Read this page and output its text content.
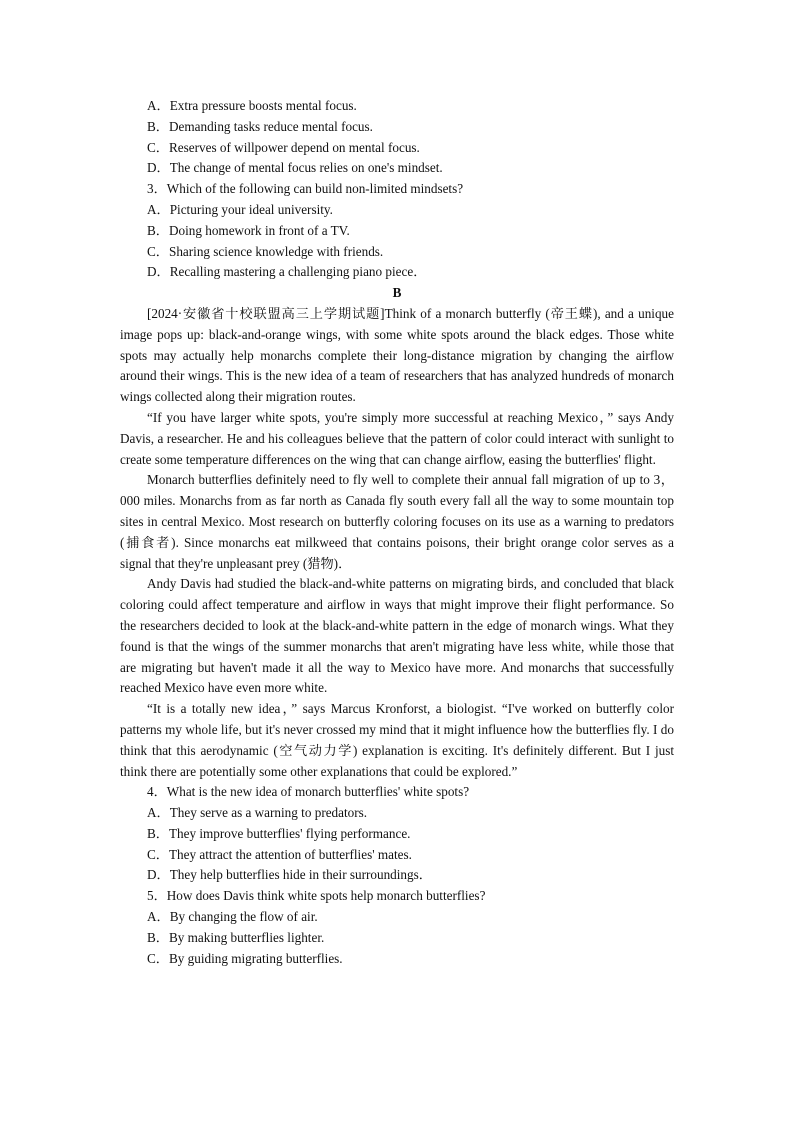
A．Extra pressure boosts mental focus.
B．Demanding tasks reduce mental focus.
C．Reserves of willpower depend on mental focus.
D．The change of mental focus relies on one's mindset.
3．Which of the following can build non-limited mindsets?
A．Picturing your ideal university.
B．Doing homework in front of a TV.
C．Sharing science knowledge with friends.
D．Recalling mastering a challenging piano piece．
B

[2024·安徽省十校联盟高三上学期试题]Think of a monarch butterfly (帝王蝶), and a unique image pops up: black-and-orange wings, with some white spots around the black edges. Those white spots may actually help monarchs complete their long-distance migration by changing the airflow around their wings. This is the new idea of a team of researchers that has analyzed hundreds of monarch wings collected along their migration routes.

“If you have larger white spots, you're simply more successful at reaching Mexico，” says Andy Davis, a researcher. He and his colleagues believe that the pattern of color could interact with sunlight to create some temperature differences on the wing that can change airflow, easing the butterflies' flight.

Monarch butterflies definitely need to fly well to complete their annual fall migration of up to 3，000 miles. Monarchs from as far north as Canada fly south every fall all the way to some mountain top sites in central Mexico. Most research on butterfly coloring focuses on its use as a warning to predators (捕食者). Since monarchs eat milkweed that contains poisons, their bright orange color serves as a signal that they're unpleasant prey (猎物)．

Andy Davis had studied the black-and-white patterns on migrating birds, and concluded that black coloring could affect temperature and airflow in ways that might improve their flight performance. So the researchers decided to look at the black-and-white pattern in the edge of monarch wings. What they found is that the wings of the summer monarchs that aren't migrating have less white, while those that are migrating but haven't made it all the way to Mexico have more. And monarchs that successfully reached Mexico have even more white.

“It is a totally new idea，” says Marcus Kronforst, a biologist. “I've worked on butterfly color patterns my whole life, but it's never crossed my mind that it might influence how the butterflies fly. I do think that this aerodynamic (空气动力学) explanation is exciting. It's definitely different. But I just think there are potentially some other explanations that could be explored.”

4．What is the new idea of monarch butterflies' white spots?
A．They serve as a warning to predators.
B．They improve butterflies' flying performance.
C．They attract the attention of butterflies' mates.
D．They help butterflies hide in their surroundings．
5．How does Davis think white spots help monarch butterflies?
A．By changing the flow of air.
B．By making butterflies lighter.
C．By guiding migrating butterflies.
